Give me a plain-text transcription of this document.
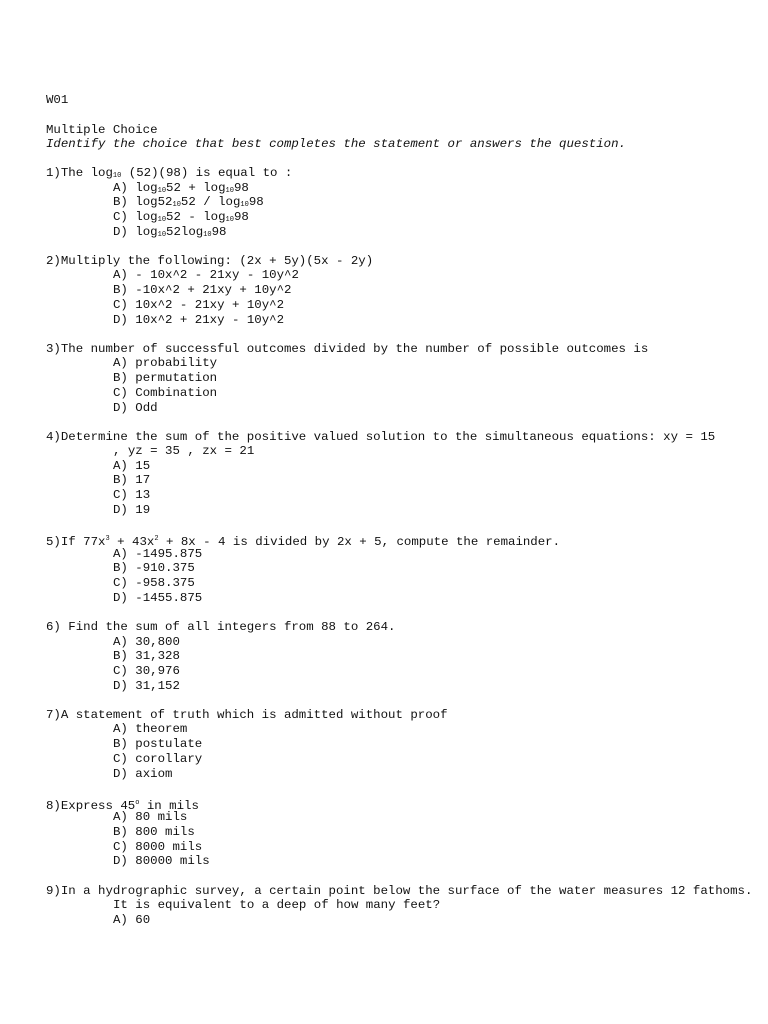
W01
Multiple Choice
Identify the choice that best completes the statement or answers the question.
1)The $\log_{10} (52)(98)$ is equal to :
A) $\log_{10}52 + \log_{10}98$
B) $\log 52_{10}52 / \log_{10}98$
C) $\log_{10}52 - \log_{10}98$
D) $\log_{10}52\log_{10}98$
2)Multiply the following: (2x + 5y)(5x - 2y)
A) - 10x^2 - 21xy - 10y^2
B) -10x^2 + 21xy + 10y^2
C) 10x^2 - 21xy + 10y^2
D) 10x^2 + 21xy - 10y^2
3)The number of successful outcomes divided by the number of possible outcomes is
A) probability
B) permutation
C) Combination
D) Odd
4)Determine the sum of the positive valued solution to the simultaneous equations: xy = 15
, yz = 35 , zx = 21
A) 15
B) 17
C) 13
D) 19
5)If $77x^3 + 43x^2 + 8x - 4$ is divided by 2x + 5, compute the remainder.
A) -1495.875
B) -910.375
C) -958.375
D) -1455.875
6) Find the sum of all integers from 88 to 264.
A) 30,800
B) 31,328
C) 30,976
D) 31,152
7)A statement of truth which is admitted without proof
A) theorem
B) postulate
C) corollary
D) axiom
8)Express 45$^o$ in mils
A) 80 mils
B) 800 mils
C) 8000 mils
D) 80000 mils
9)In a hydrographic survey, a certain point below the surface of the water measures 12 fathoms.
It is equivalent to a deep of how many feet?
A) 60
